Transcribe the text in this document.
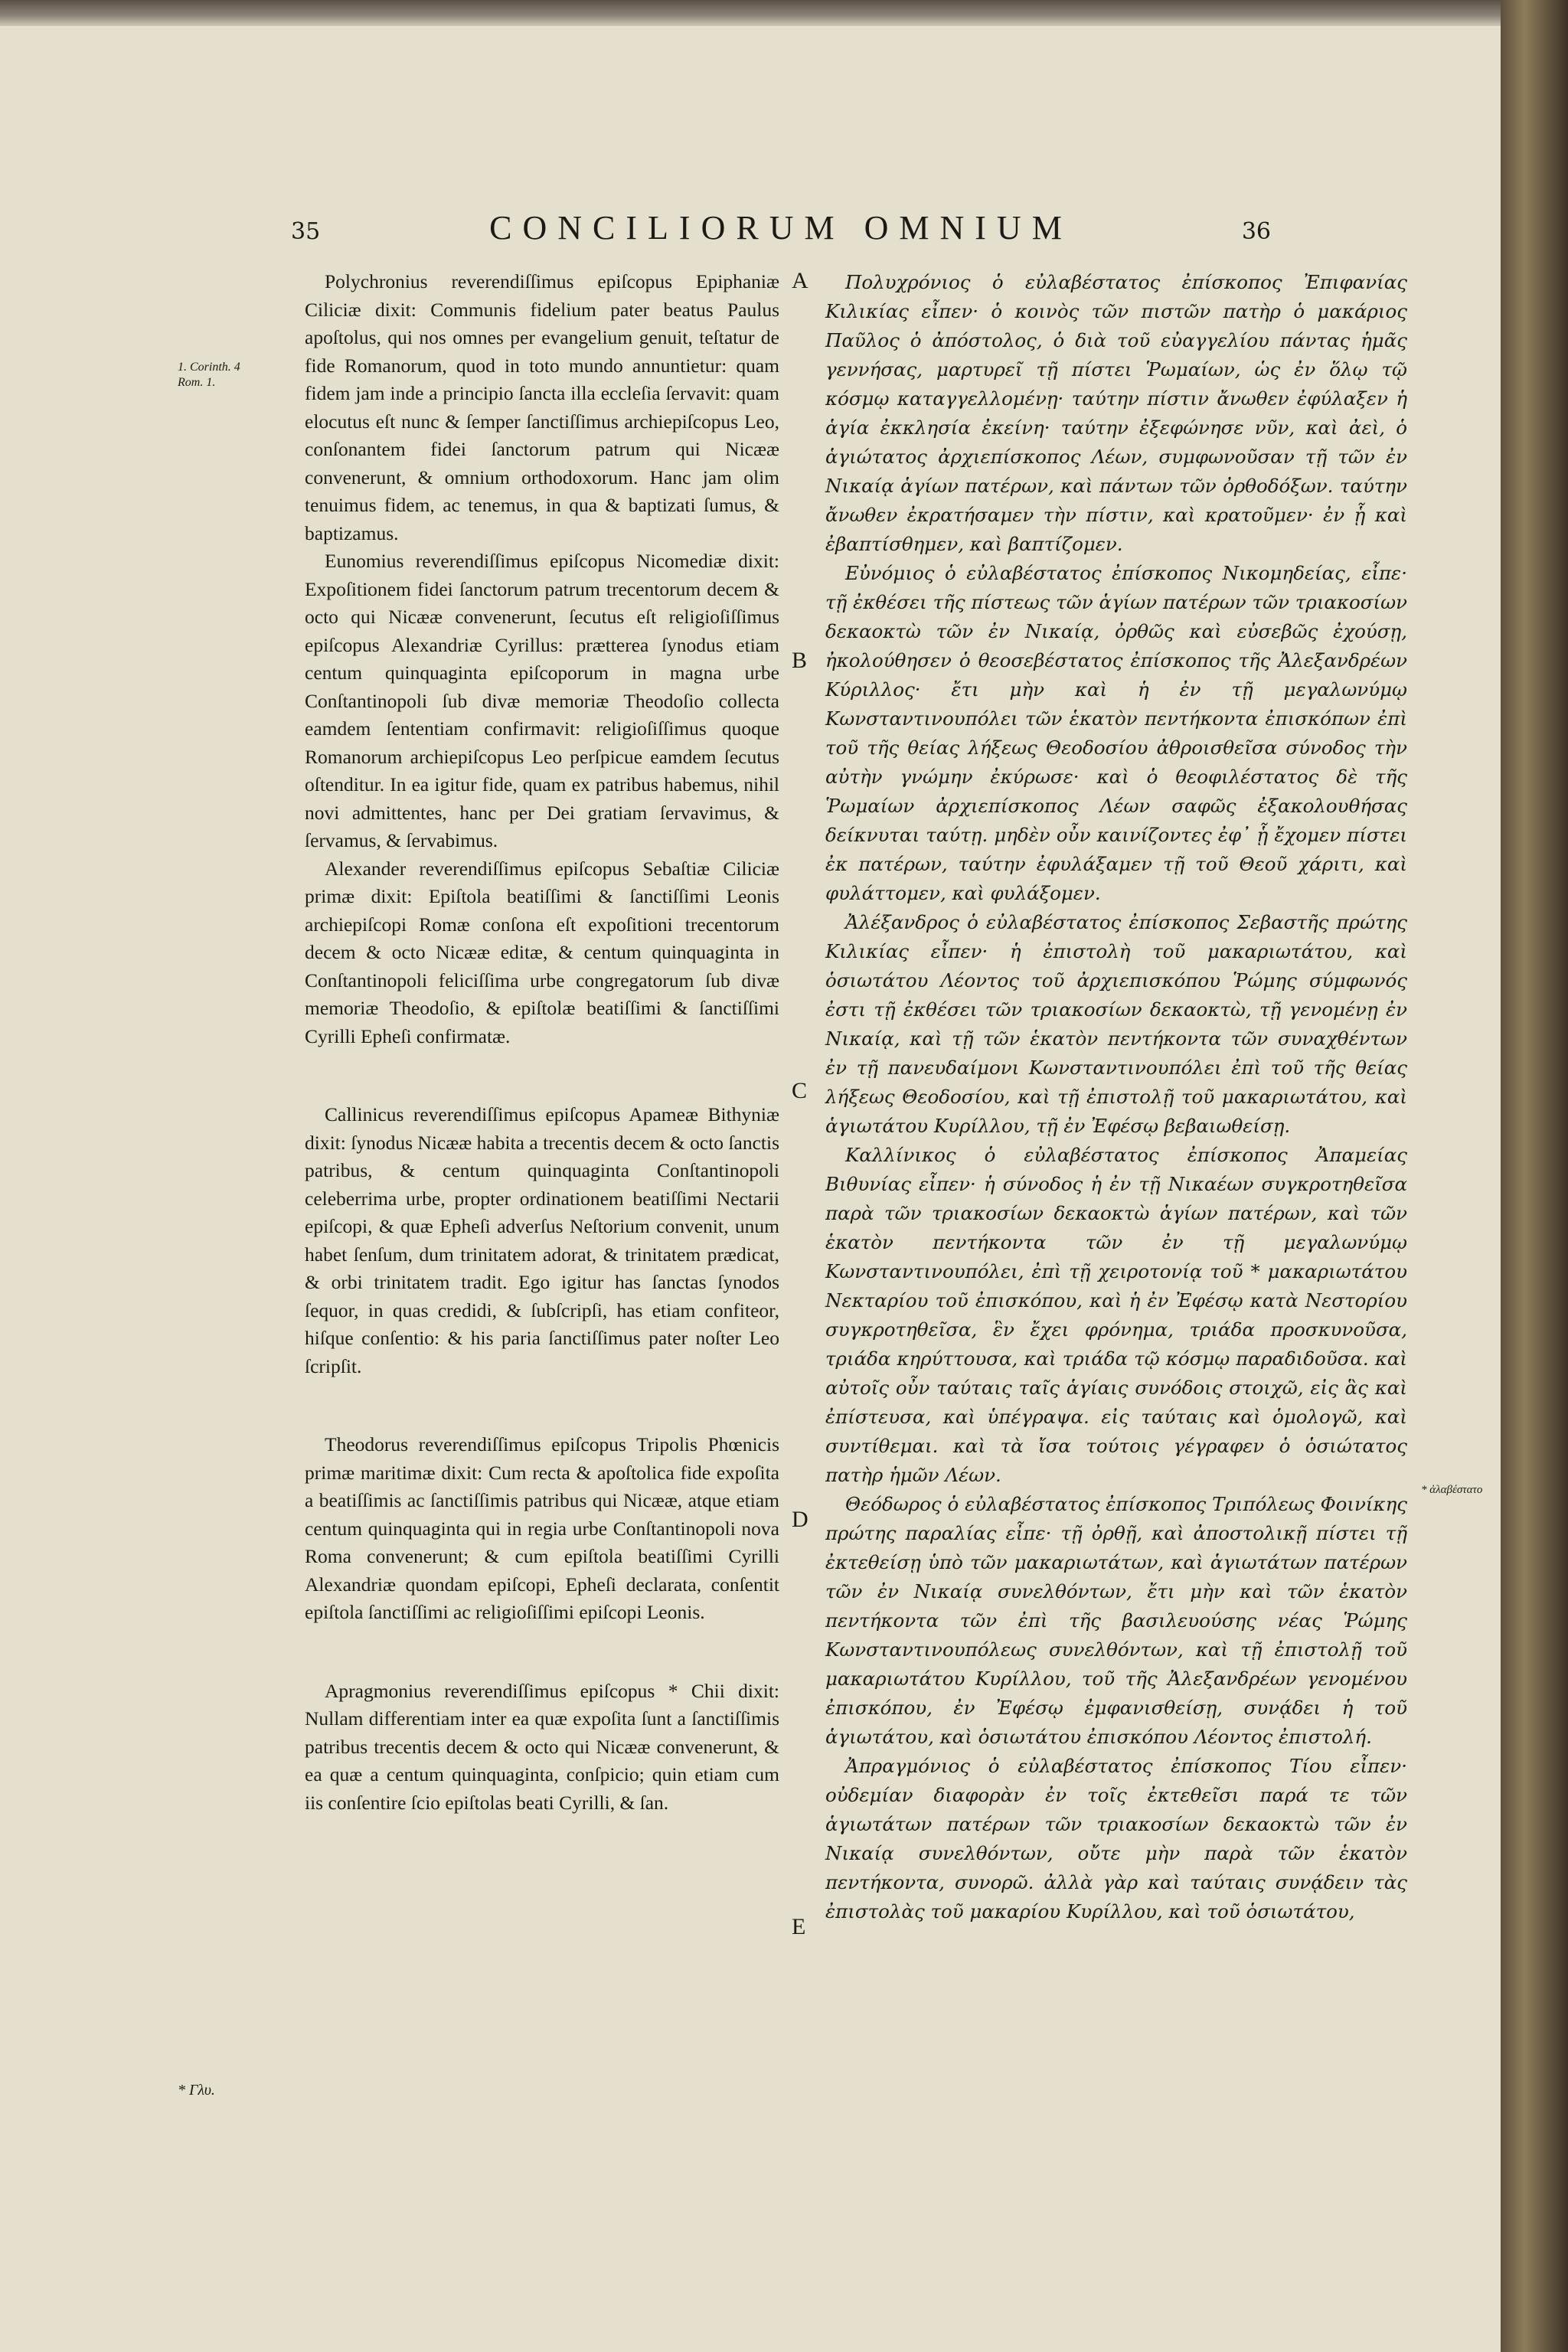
35	CONCILIORUM OMNIUM	36
1. Corinth. 4
Rom. 1.
* Γλυ.
* ἀλαβέστατο
A
B
C
D
E

Polychronius reverendiſſimus epiſcopus Epiphaniæ Ciliciæ dixit: Communis fidelium pater beatus Paulus apoſtolus, qui nos omnes per evangelium genuit, teſtatur de fide Romanorum, quod in toto mundo annuntietur: quam fidem jam inde a principio ſancta illa eccleſia ſervavit: quam elocutus eſt nunc & ſemper ſanctiſſimus archiepiſcopus Leo, conſonantem fidei ſanctorum patrum qui Nicææ convenerunt, & omnium orthodoxorum. Hanc jam olim tenuimus fidem, ac tenemus, in qua & baptizati ſumus, & baptizamus.

Eunomius reverendiſſimus epiſcopus Nicomediæ dixit: Expoſitionem fidei ſanctorum patrum trecentorum decem & octo qui Nicææ convenerunt, ſecutus eſt religioſiſſimus epiſcopus Alexandriæ Cyrillus: prætterea ſynodus etiam centum quinquaginta epiſcoporum in magna urbe Conſtantinopoli ſub divæ memoriæ Theodoſio collecta eamdem ſententiam confirmavit: religioſiſſimus quoque Romanorum archiepiſcopus Leo perſpicue eamdem ſecutus oſtenditur. In ea igitur fide, quam ex patribus habemus, nihil novi admittentes, hanc per Dei gratiam ſervavimus, & ſervamus, & ſervabimus.

Alexander reverendiſſimus epiſcopus Sebaſtiæ Ciliciæ primæ dixit: Epiſtola beatiſſimi & ſanctiſſimi Leonis archiepiſcopi Romæ conſona eſt expoſitioni trecentorum decem & octo Nicææ editæ, & centum quinquaginta in Conſtantinopoli feliciſſima urbe congregatorum ſub divæ memoriæ Theodoſio, & epiſtolæ beatiſſimi & ſanctiſſimi Cyrilli Epheſi confirmatæ.

Callinicus reverendiſſimus epiſcopus Apameæ Bithyniæ dixit: ſynodus Nicææ habita a trecentis decem & octo ſanctis patribus, & centum quinquaginta Conſtantinopoli celeberrima urbe, propter ordinationem beatiſſimi Nectarii epiſcopi, & quæ Epheſi adverſus Neſtorium convenit, unum habet ſenſum, dum trinitatem adorat, & trinitatem prædicat, & orbi trinitatem tradit. Ego igitur has ſanctas ſynodos ſequor, in quas credidi, & ſubſcripſi, has etiam confiteor, hiſque conſentio: & his paria ſanctiſſimus pater noſter Leo ſcripſit.

Theodorus reverendiſſimus epiſcopus Tripolis Phœnicis primæ maritimæ dixit: Cum recta & apoſtolica fide expoſita a beatiſſimis ac ſanctiſſimis patribus qui Nicææ, atque etiam centum quinquaginta qui in regia urbe Conſtantinopoli nova Roma convenerunt; & cum epiſtola beatiſſimi Cyrilli Alexandriæ quondam epiſcopi, Epheſi declarata, conſentit epiſtola ſanctiſſimi ac religioſiſſimi epiſcopi Leonis.

Apragmonius reverendiſſimus epiſcopus * Chii dixit: Nullam differentiam inter ea quæ expoſita ſunt a ſanctiſſimis patribus trecentis decem & octo qui Nicææ convenerunt, & ea quæ a centum quinquaginta, conſpicio; quin etiam cum iis conſentire ſcio epiſtolas beati Cyrilli, & ſan.

Πολυχρόνιος ὁ εὐλαβέστατος ἐπίσκοπος Ἐπιφανίας Κιλικίας εἶπεν· ὁ κοινὸς τῶν πιστῶν πατὴρ ὁ μακάριος Παῦλος ὁ ἀπόστολος, ὁ διὰ τοῦ εὐαγγελίου πάντας ἡμᾶς γεννήσας, μαρτυρεῖ τῇ πίστει Ῥωμαίων, ὡς ἐν ὅλῳ τῷ κόσμῳ καταγγελλομένῃ· ταύτην πίστιν ἄνωθεν ἐφύλαξεν ἡ ἁγία ἐκκλησία ἐκείνη· ταύτην ἐξεφώνησε νῦν, καὶ ἀεὶ, ὁ ἁγιώτατος ἀρχιεπίσκοπος Λέων, συμφωνοῦσαν τῇ τῶν ἐν Νικαίᾳ ἁγίων πατέρων, καὶ πάντων τῶν ὀρθοδόξων. ταύτην ἄνωθεν ἐκρατήσαμεν τὴν πίστιν, καὶ κρατοῦμεν· ἐν ᾗ καὶ ἐβαπτίσθημεν, καὶ βαπτίζομεν.

Εὐνόμιος ὁ εὐλαβέστατος ἐπίσκοπος Νικομηδείας, εἶπε· τῇ ἐκθέσει τῆς πίστεως τῶν ἁγίων πατέρων τῶν τριακοσίων δεκαοκτὼ τῶν ἐν Νικαίᾳ, ὀρθῶς καὶ εὐσεβῶς ἐχούσῃ, ἠκολούθησεν ὁ θεοσεβέστατος ἐπίσκοπος τῆς Ἀλεξανδρέων Κύριλλος· ἔτι μὴν καὶ ἡ ἐν τῇ μεγαλωνύμῳ Κωνσταντινουπόλει τῶν ἑκατὸν πεντήκοντα ἐπισκόπων ἐπὶ τοῦ τῆς θείας λήξεως Θεοδοσίου ἀθροισθεῖσα σύνοδος τὴν αὐτὴν γνώμην ἐκύρωσε· καὶ ὁ θεοφιλέστατος δὲ τῆς Ῥωμαίων ἀρχιεπίσκοπος Λέων σαφῶς ἐξακολουθήσας δείκνυται ταύτῃ. μηδὲν οὖν καινίζοντες ἐφ᾽ ᾗ ἔχομεν πίστει ἐκ πατέρων, ταύτην ἐφυλάξαμεν τῇ τοῦ Θεοῦ χάριτι, καὶ φυλάττομεν, καὶ φυλάξομεν.

Ἀλέξανδρος ὁ εὐλαβέστατος ἐπίσκοπος Σεβαστῆς πρώτης Κιλικίας εἶπεν· ἡ ἐπιστολὴ τοῦ μακαριωτάτου, καὶ ὁσιωτάτου Λέοντος τοῦ ἀρχιεπισκόπου Ῥώμης σύμφωνός ἐστι τῇ ἐκθέσει τῶν τριακοσίων δεκαοκτὼ, τῇ γενομένῃ ἐν Νικαίᾳ, καὶ τῇ τῶν ἑκατὸν πεντήκοντα τῶν συναχθέντων ἐν τῇ πανευδαίμονι Κωνσταντινουπόλει ἐπὶ τοῦ τῆς θείας λήξεως Θεοδοσίου, καὶ τῇ ἐπιστολῇ τοῦ μακαριωτάτου, καὶ ἁγιωτάτου Κυρίλλου, τῇ ἐν Ἐφέσῳ βεβαιωθείσῃ.

Καλλίνικος ὁ εὐλαβέστατος ἐπίσκοπος Ἀπαμείας Βιθυνίας εἶπεν· ἡ σύνοδος ἡ ἐν τῇ Νικαέων συγκροτηθεῖσα παρὰ τῶν τριακοσίων δεκαοκτὼ ἁγίων πατέρων, καὶ τῶν ἑκατὸν πεντήκοντα τῶν ἐν τῇ μεγαλωνύμῳ Κωνσταντινουπόλει, ἐπὶ τῇ χειροτονίᾳ τοῦ * μακαριωτάτου Νεκταρίου τοῦ ἐπισκόπου, καὶ ἡ ἐν Ἐφέσῳ κατὰ Νεστορίου συγκροτηθεῖσα, ἓν ἔχει φρόνημα, τριάδα προσκυνοῦσα, τριάδα κηρύττουσα, καὶ τριάδα τῷ κόσμῳ παραδιδοῦσα. καὶ αὐτοῖς οὖν ταύταις ταῖς ἁγίαις συνόδοις στοιχῶ, εἰς ἃς καὶ ἐπίστευσα, καὶ ὑπέγραψα. εἰς ταύταις καὶ ὁμολογῶ, καὶ συντίθεμαι. καὶ τὰ ἴσα τούτοις γέγραφεν ὁ ὁσιώτατος πατὴρ ἡμῶν Λέων.

Θεόδωρος ὁ εὐλαβέστατος ἐπίσκοπος Τριπόλεως Φοινίκης πρώτης παραλίας εἶπε· τῇ ὀρθῇ, καὶ ἀποστολικῇ πίστει τῇ ἐκτεθείσῃ ὑπὸ τῶν μακαριωτάτων, καὶ ἁγιωτάτων πατέρων τῶν ἐν Νικαίᾳ συνελθόντων, ἔτι μὴν καὶ τῶν ἑκατὸν πεντήκοντα τῶν ἐπὶ τῆς βασιλευούσης νέας Ῥώμης Κωνσταντινουπόλεως συνελθόντων, καὶ τῇ ἐπιστολῇ τοῦ μακαριωτάτου Κυρίλλου, τοῦ τῆς Ἀλεξανδρέων γενομένου ἐπισκόπου, ἐν Ἐφέσῳ ἐμφανισθείσῃ, συνᾴδει ἡ τοῦ ἁγιωτάτου, καὶ ὁσιωτάτου ἐπισκόπου Λέοντος ἐπιστολή.

Ἀπραγμόνιος ὁ εὐλαβέστατος ἐπίσκοπος Τίου εἶπεν· οὐδεμίαν διαφορὰν ἐν τοῖς ἐκτεθεῖσι παρά τε τῶν ἁγιωτάτων πατέρων τῶν τριακοσίων δεκαοκτὼ τῶν ἐν Νικαίᾳ συνελθόντων, οὔτε μὴν παρὰ τῶν ἑκατὸν πεντήκοντα, συνορῶ. ἀλλὰ γὰρ καὶ ταύταις συνᾴδειν τὰς ἐπιστολὰς τοῦ μακαρίου Κυρίλλου, καὶ τοῦ ὁσιωτάτου,
